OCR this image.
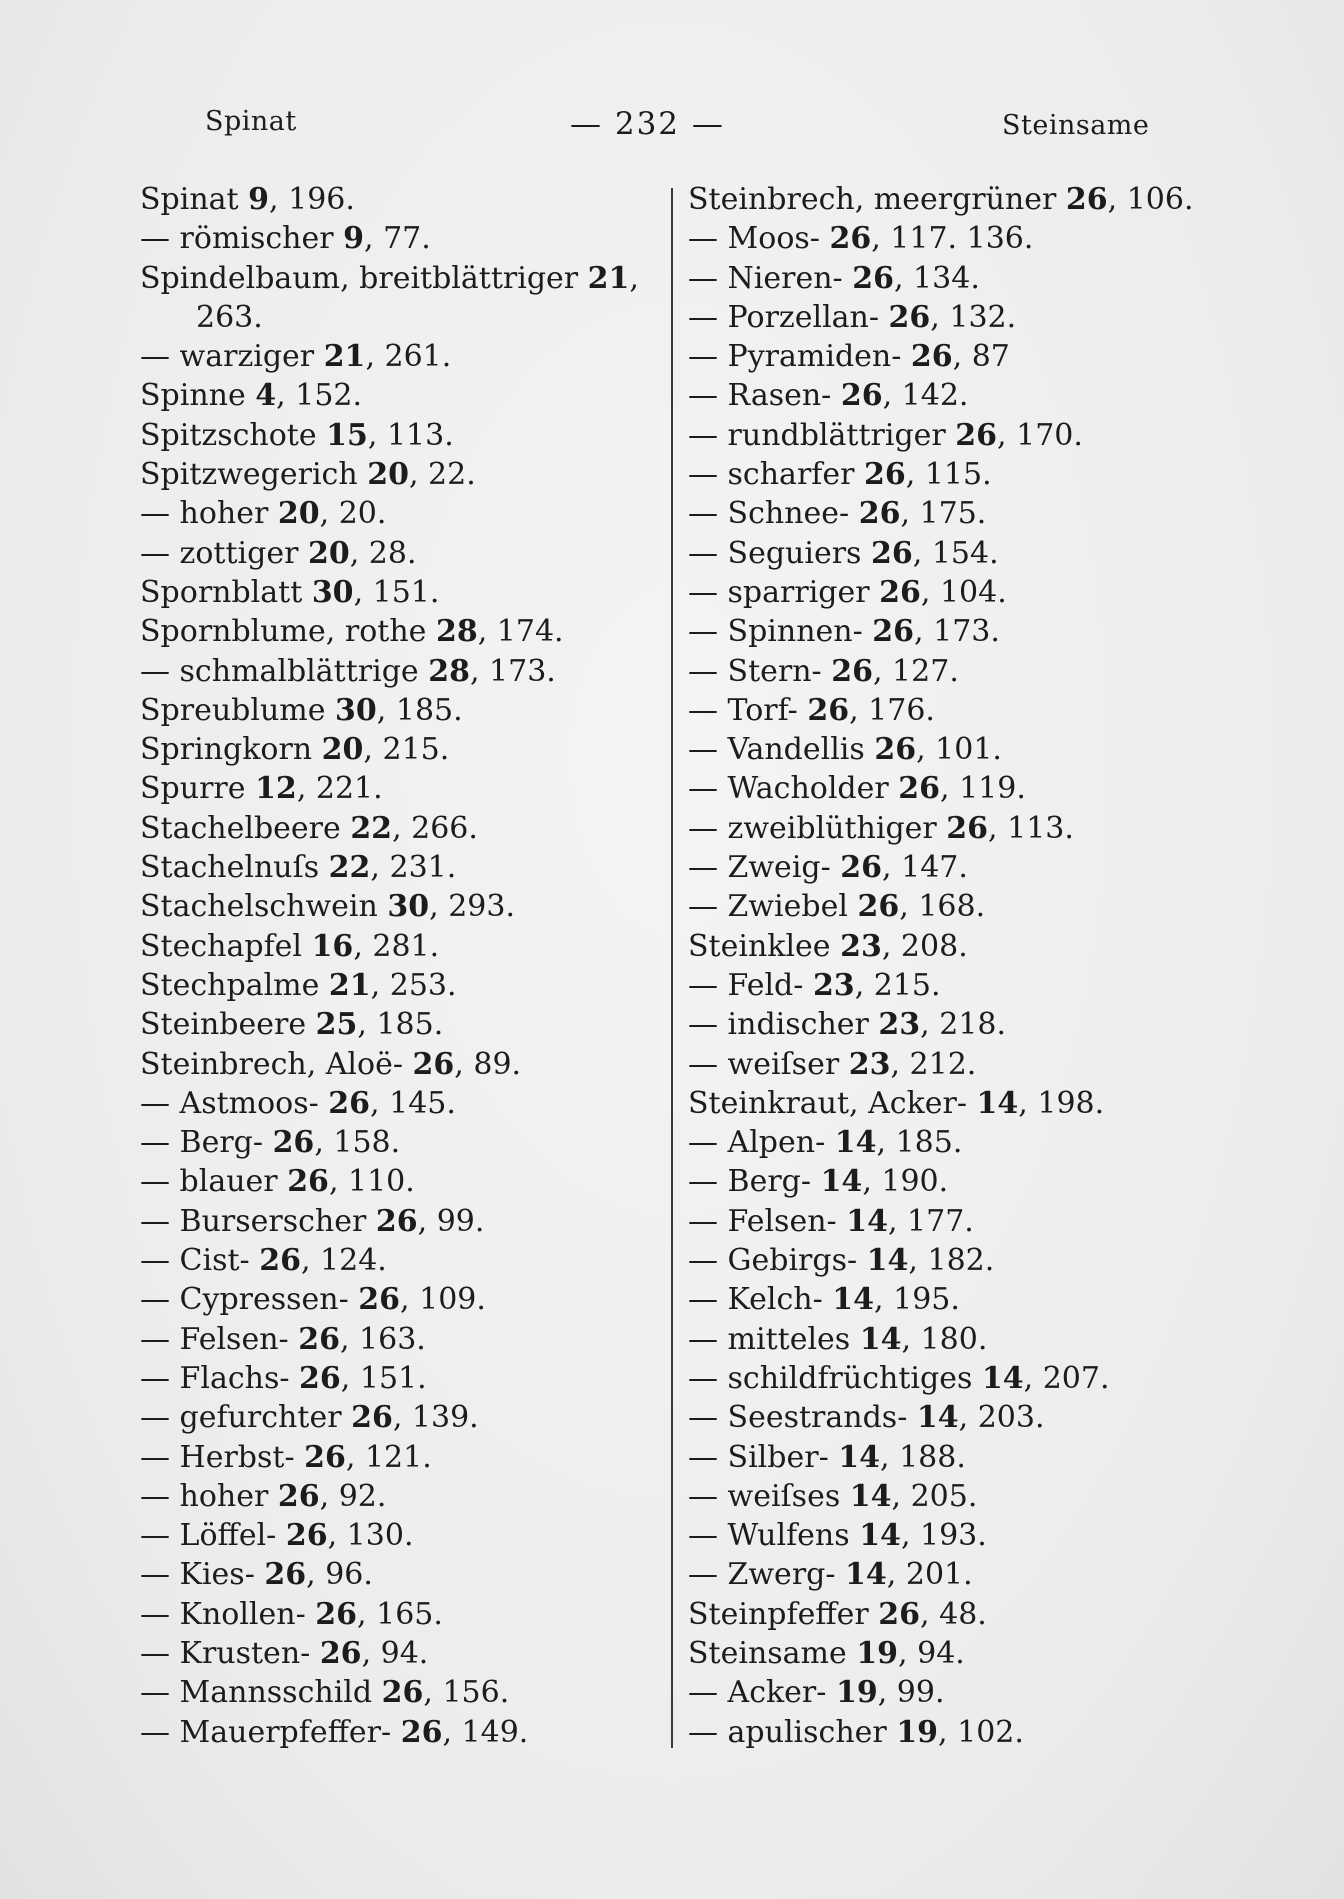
Spinat	— 232 —	Steinsame
Spinat 9, 196.
— römischer 9, 77.
Spindelbaum, breitblättriger 21,
263.
— warziger 21, 261.
Spinne 4, 152.
Spitzschote 15, 113.
Spitzwegerich 20, 22.
— hoher 20, 20.
— zottiger 20, 28.
Spornblatt 30, 151.
Spornblume, rothe 28, 174.
— schmalblättrige 28, 173.
Spreublume 30, 185.
Springkorn 20, 215.
Spurre 12, 221.
Stachelbeere 22, 266.
Stachelnuſs 22, 231.
Stachelschwein 30, 293.
Stechapfel 16, 281.
Stechpalme 21, 253.
Steinbeere 25, 185.
Steinbrech, Aloë- 26, 89.
— Astmoos- 26, 145.
— Berg- 26, 158.
— blauer 26, 110.
— Burserscher 26, 99.
— Cist- 26, 124.
— Cypressen- 26, 109.
— Felsen- 26, 163.
— Flachs- 26, 151.
— gefurchter 26, 139.
— Herbst- 26, 121.
— hoher 26, 92.
— Löffel- 26, 130.
— Kies- 26, 96.
— Knollen- 26, 165.
— Krusten- 26, 94.
— Mannsschild 26, 156.
— Mauerpfeffer- 26, 149.
Steinbrech, meergrüner 26, 106.
— Moos- 26, 117. 136.
— Nieren- 26, 134.
— Porzellan- 26, 132.
— Pyramiden- 26, 87
— Rasen- 26, 142.
— rundblättriger 26, 170.
— scharfer 26, 115.
— Schnee- 26, 175.
— Seguiers 26, 154.
— sparriger 26, 104.
— Spinnen- 26, 173.
— Stern- 26, 127.
— Torf- 26, 176.
— Vandellis 26, 101.
— Wacholder 26, 119.
— zweiblüthiger 26, 113.
— Zweig- 26, 147.
— Zwiebel 26, 168.
Steinklee 23, 208.
— Feld- 23, 215.
— indischer 23, 218.
— weiſser 23, 212.
Steinkraut, Acker- 14, 198.
— Alpen- 14, 185.
— Berg- 14, 190.
— Felsen- 14, 177.
— Gebirgs- 14, 182.
— Kelch- 14, 195.
— mitteles 14, 180.
— schildfrüchtiges 14, 207.
— Seestrands- 14, 203.
— Silber- 14, 188.
— weiſses 14, 205.
— Wulfens 14, 193.
— Zwerg- 14, 201.
Steinpfeffer 26, 48.
Steinsame 19, 94.
— Acker- 19, 99.
— apulischer 19, 102.
